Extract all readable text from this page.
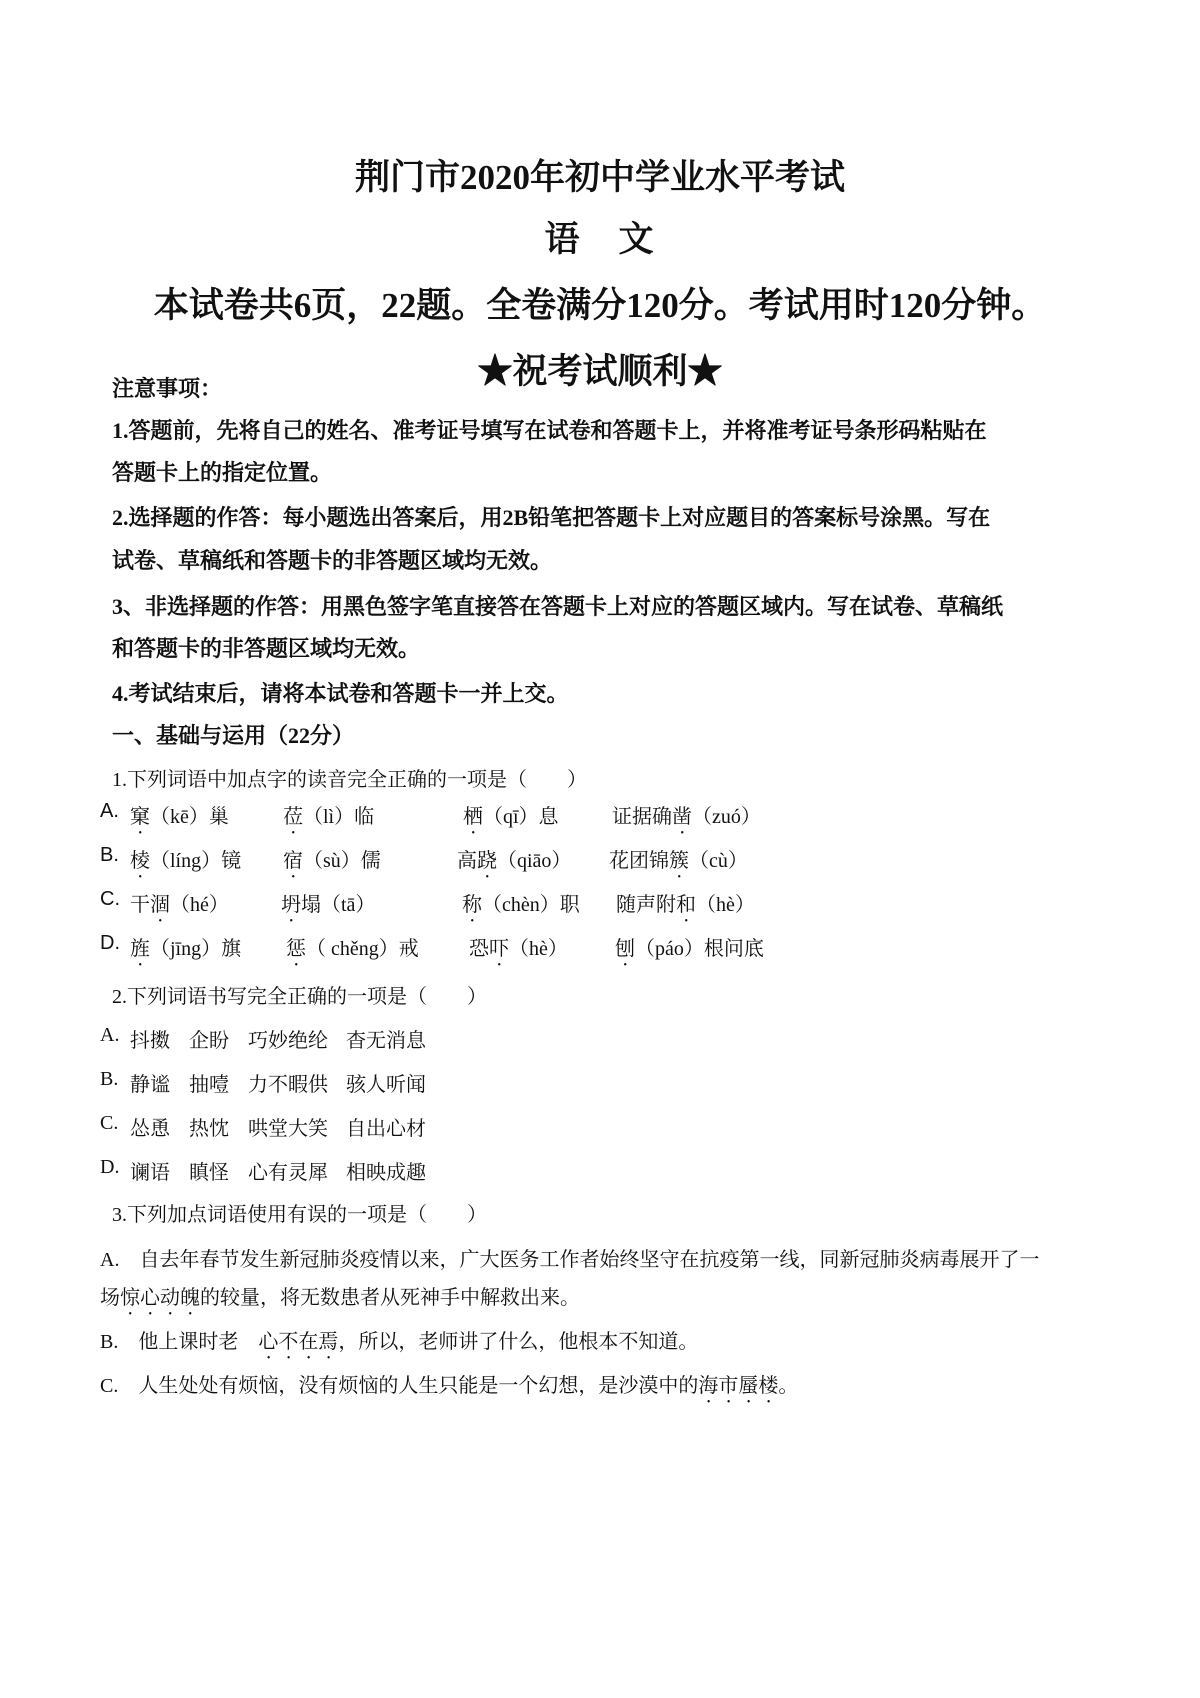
荆门市2020年初中学业水平考试
语　文
本试卷共6页，22题。全卷满分120分。考试用时120分钟。
★祝考试顺利★
注意事项：
1.答题前，先将自己的姓名、准考证号填写在试卷和答题卡上，并将准考证号条形码粘贴在
答题卡上的指定位置。
2.选择题的作答：每小题选出答案后，用2B铅笔把答题卡上对应题目的答案标号涂黑。写在
试卷、草稿纸和答题卡的非答题区域均无效。
3、非选择题的作答：用黑色签字笔直接答在答题卡上对应的答题区域内。写在试卷、草稿纸
和答题卡的非答题区域均无效。
4.考试结束后，请将本试卷和答题卡一并上交。
一、基础与运用（22分）
1.下列词语中加点字的读音完全正确的一项是（　　）
A. 窠（kē）巢	莅（lì）临	栖（qī）息	证据确凿（zuó）
B. 棱（líng）镜 宿（sù）儒	高跷（qiāo） 花团锦簇（cù）
C. 干涸（hé）	坍塌（tā）	称（chèn）职 随声附和（hè）
D. 旌（jīng）旗 惩（ chěng）戒	恐吓（hè） 刨（páo）根问底
2.下列词语书写完全正确的一项是（　　）
A. 抖擞 企盼 巧妙绝纶 杳无消息
B. 静谧 抽噎 力不暇供 骇人听闻
C. 怂恿 热忱 哄堂大笑 自出心材
D. 谰语 瞋怪 心有灵犀 相映成趣
3.下列加点词语使用有误的一项是（　　）
A.　自去年春节发生新冠肺炎疫情以来，广大医务工作者始终坚守在抗疫第一线，同新冠肺炎病毒展开了一
场惊心动魄的较量，将无数患者从死神手中解救出来。
B.　他上课时老　心不在焉，所以，老师讲了什么，他根本不知道。
C.　人生处处有烦恼，没有烦恼的人生只能是一个幻想，是沙漠中的海市蜃楼。
